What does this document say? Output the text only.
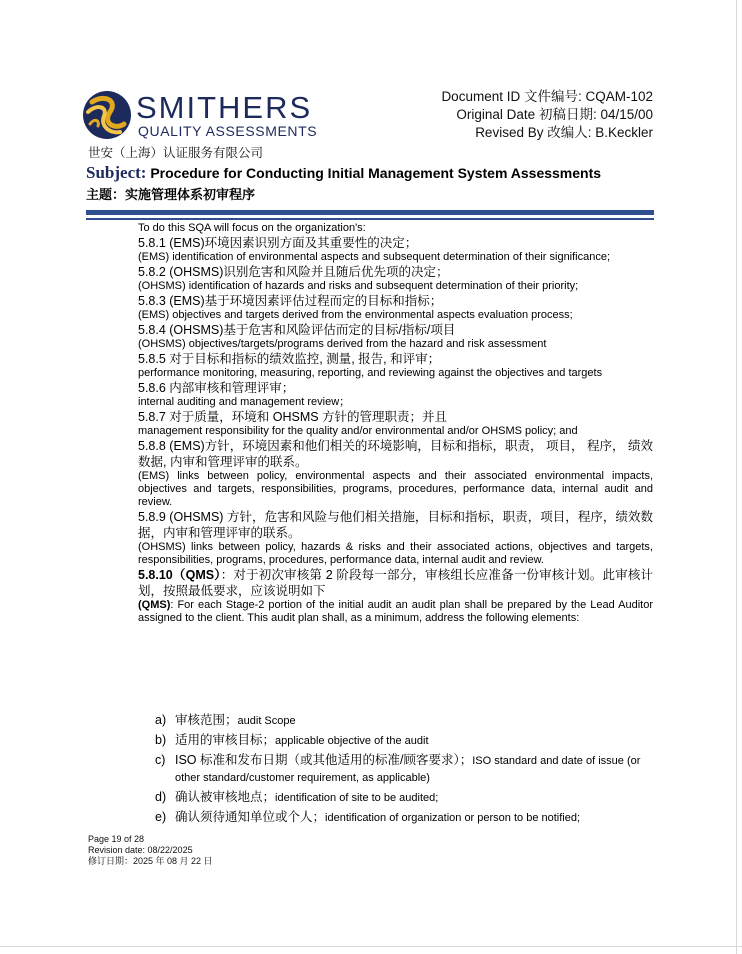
SMITHERS
QUALITY ASSESSMENTS
世安（上海）认证服务有限公司
Document ID 文件编号: CQAM-102
Original Date 初稿日期: 04/15/00
Revised By 改编人: B.Keckler
Subject: Procedure for Conducting Initial Management System Assessments
主题：实施管理体系初审程序

To do this SQA will focus on the organization's:

5.8.1 (EMS)环境因素识别方面及其重要性的决定；

(EMS) identification of environmental aspects and subsequent determination of their significance;

5.8.2 (OHSMS)识别危害和风险并且随后优先项的决定；

(OHSMS) identification of hazards and risks and subsequent determination of their priority;

5.8.3 (EMS)基于环境因素评估过程而定的目标和指标；

(EMS) objectives and targets derived from the environmental aspects evaluation process;

5.8.4 (OHSMS)基于危害和风险评估而定的目标/指标/项目

(OHSMS) objectives/targets/programs derived from the hazard and risk assessment

5.8.5 对于目标和指标的绩效监控, 测量, 报告, 和评审；

performance monitoring, measuring, reporting, and reviewing against the objectives and targets

5.8.6 内部审核和管理评审；

internal auditing and management review；

5.8.7 对于质量，环境和 OHSMS 方针的管理职责；并且

management responsibility for the quality and/or environmental and/or OHSMS policy; and

5.8.8 (EMS)方针，环境因素和他们相关的环境影响，目标和指标，职责， 项目， 程序， 绩效数据, 内审和管理评审的联系。

(EMS) links between policy, environmental aspects and their associated environmental impacts, objectives and targets, responsibilities, programs, procedures, performance data, internal audit and review.

5.8.9 (OHSMS) 方针，危害和风险与他们相关措施，目标和指标，职责，项目，程序，绩效数据，内审和管理评审的联系。

(OHSMS) links between policy, hazards & risks and their associated actions, objectives and targets, responsibilities, programs, procedures, performance data, internal audit and review.

5.8.10（QMS）：对于初次审核第 2 阶段每一部分，审核组长应准备一份审核计划。此审核计划，按照最低要求，应该说明如下

(QMS): For each Stage-2 portion of the initial audit an audit plan shall be prepared by the Lead Auditor assigned to the client. This audit plan shall, as a minimum, address the following elements:

a) 审核范围；audit Scope
b) 适用的审核目标；applicable objective of the audit
c) ISO 标准和发布日期（或其他适用的标准/顾客要求）；ISO standard and date of issue (or other standard/customer requirement, as applicable)
d) 确认被审核地点；identification of site to be audited;
e) 确认须待通知单位或个人；identification of organization or person to be notified;
Page 19 of 28
Revision date: 08/22/2025
修订日期：2025 年 08 月 22 日
